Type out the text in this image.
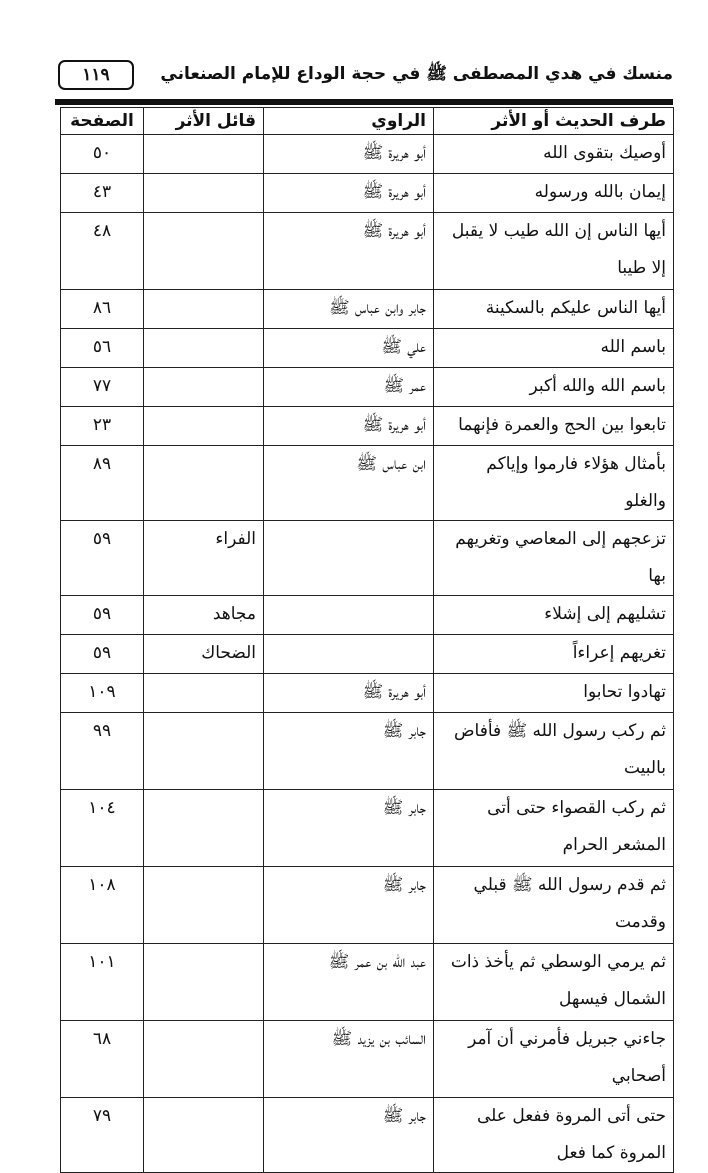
١١٩	منسك في هدي المصطفى ﷺ في حجة الوداع للإمام الصنعاني
طرف الحديث أو الأثر	الراوي	قائل الأثر	الصفحة
أوصيك بتقوى الله	أبو هريرة ﷺ		٥٠
إيمان بالله ورسوله	أبو هريرة ﷺ		٤٣
أيها الناس إن الله طيب لا يقبل إلا طيبا	أبو هريرة ﷺ		٤٨
أيها الناس عليكم بالسكينة	جابر وابن عباس ﷺ		٨٦
باسم الله	علي ﷺ		٥٦
باسم الله والله أكبر	عمر ﷺ		٧٧
تابعوا بين الحج والعمرة فإنهما	أبو هريرة ﷺ		٢٣
بأمثال هؤلاء فارموا وإياكم والغلو	ابن عباس ﷺ		٨٩
تزعجهم إلى المعاصي وتغريهم بها		الفراء	٥٩
تشليهم إلى إشلاء		مجاهد	٥٩
تغريهم إعراءاً		الضحاك	٥٩
تهادوا تحابوا	أبو هريرة ﷺ		١٠٩
ثم ركب رسول الله ﷺ فأفاض بالبيت	جابر ﷺ		٩٩
ثم ركب القصواء حتى أتى المشعر الحرام	جابر ﷺ		١٠٤
ثم قدم رسول الله ﷺ قبلي وقدمت	جابر ﷺ		١٠٨
ثم يرمي الوسطي ثم يأخذ ذات الشمال فيسهل	عبد الله بن عمر ﷺ		١٠١
جاءني جبريل فأمرني أن آمر أصحابي	السائب بن يزيد ﷺ		٦٨
حتى أتى المروة ففعل على المروة كما فعل	جابر ﷺ		٧٩
